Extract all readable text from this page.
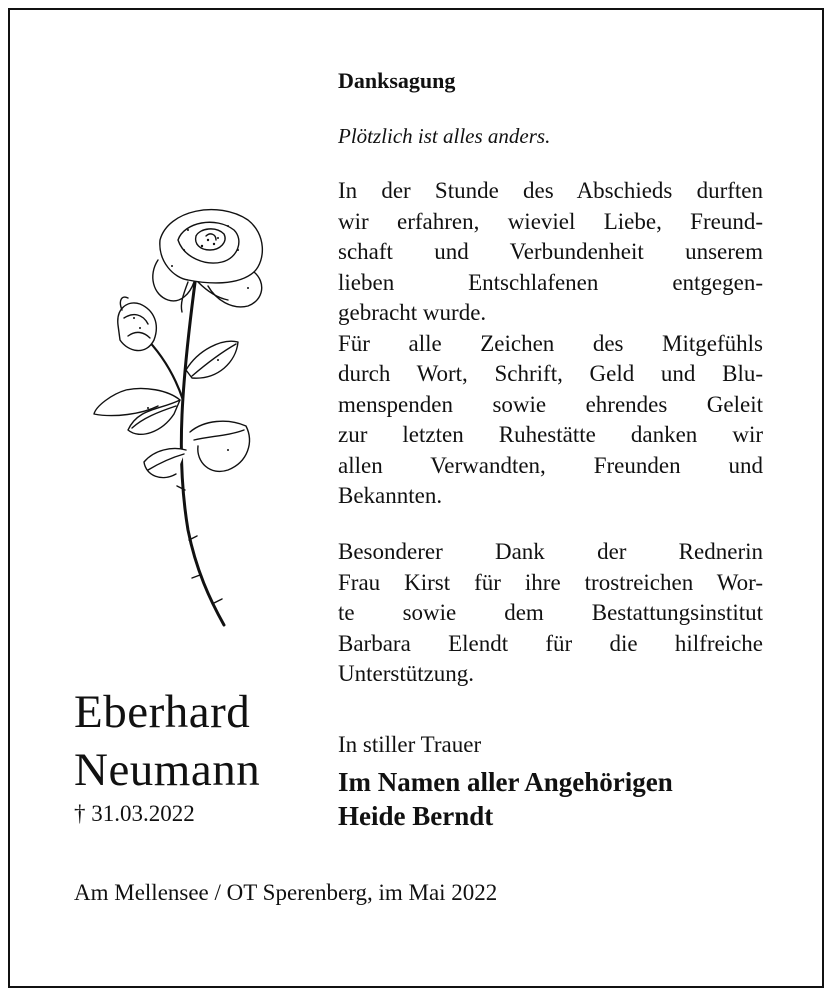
Danksagung
Plötzlich ist alles anders.
In der Stunde des Abschieds durften
wir erfahren, wieviel Liebe, Freund-
schaft und Verbundenheit unserem
lieben Entschlafenen entgegen-
gebracht wurde.
Für alle Zeichen des Mitgefühls
durch Wort, Schrift, Geld und Blu-
menspenden sowie ehrendes Geleit
zur letzten Ruhestätte danken wir
allen Verwandten, Freunden und
Bekannten.
Besonderer Dank der Rednerin
Frau Kirst für ihre trostreichen Wor-
te sowie dem Bestattungsinstitut
Barbara Elendt für die hilfreiche
Unterstützung.
Eberhard
Neumann
† 31.03.2022
In stiller Trauer
Im Namen aller Angehörigen
Heide Berndt
Am Mellensee / OT Sperenberg, im Mai 2022
